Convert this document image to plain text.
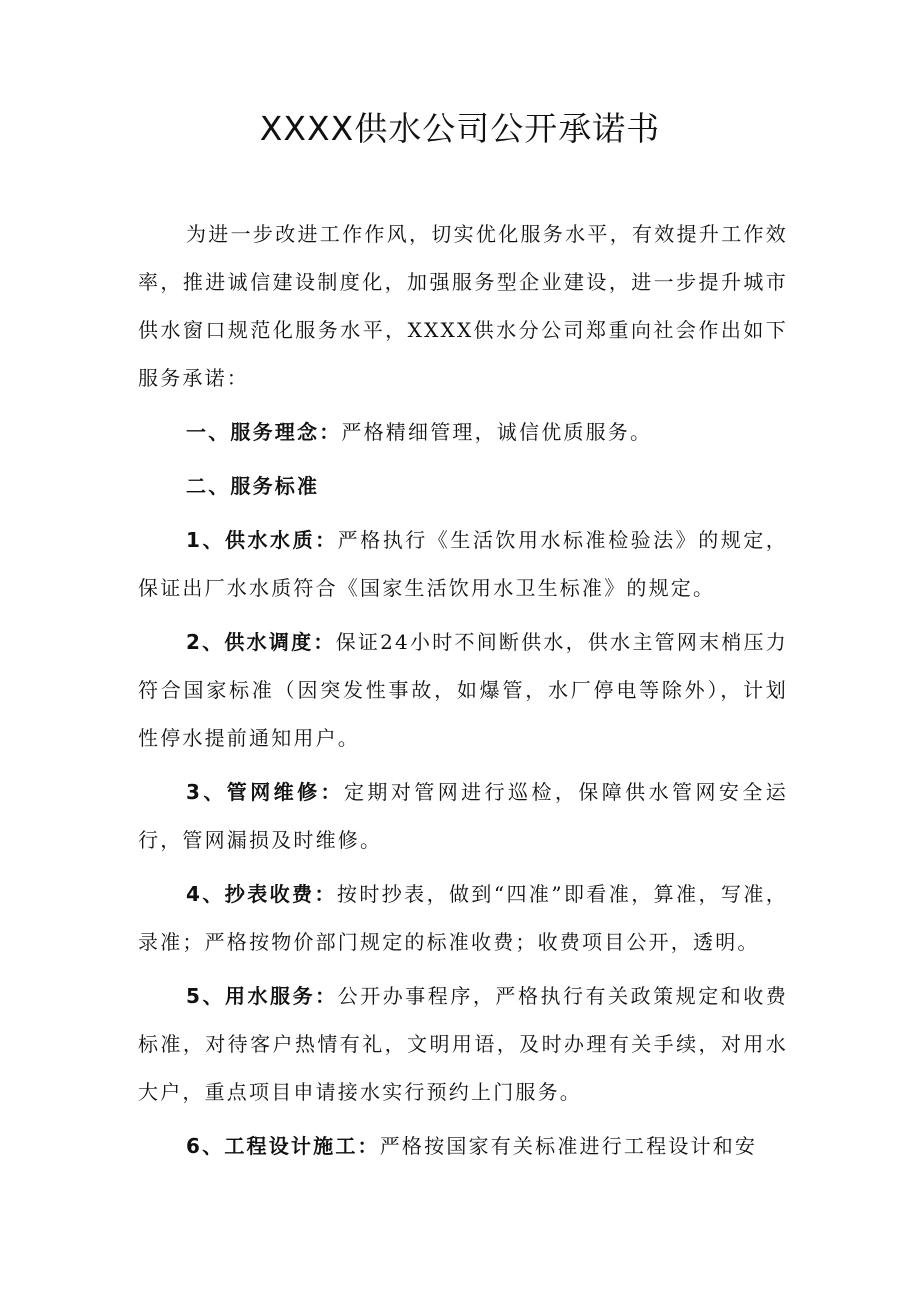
XXXX供水公司公开承诺书

为进一步改进工作作风，切实优化服务水平，有效提升工作效率，推进诚信建设制度化，加强服务型企业建设，进一步提升城市供水窗口规范化服务水平，XXXX供水分公司郑重向社会作出如下服务承诺：

一、服务理念：严格精细管理，诚信优质服务。

二、服务标准

1、供水水质：严格执行《生活饮用水标准检验法》的规定，保证出厂水水质符合《国家生活饮用水卫生标准》的规定。

2、供水调度：保证24小时不间断供水，供水主管网末梢压力符合国家标准（因突发性事故，如爆管，水厂停电等除外），计划性停水提前通知用户。

3、管网维修：定期对管网进行巡检，保障供水管网安全运行，管网漏损及时维修。

4、抄表收费：按时抄表，做到“四准”即看准，算准，写准，录准；严格按物价部门规定的标准收费；收费项目公开，透明。

5、用水服务：公开办事程序，严格执行有关政策规定和收费标准，对待客户热情有礼，文明用语，及时办理有关手续，对用水大户，重点项目申请接水实行预约上门服务。

6、工程设计施工：严格按国家有关标准进行工程设计和安
